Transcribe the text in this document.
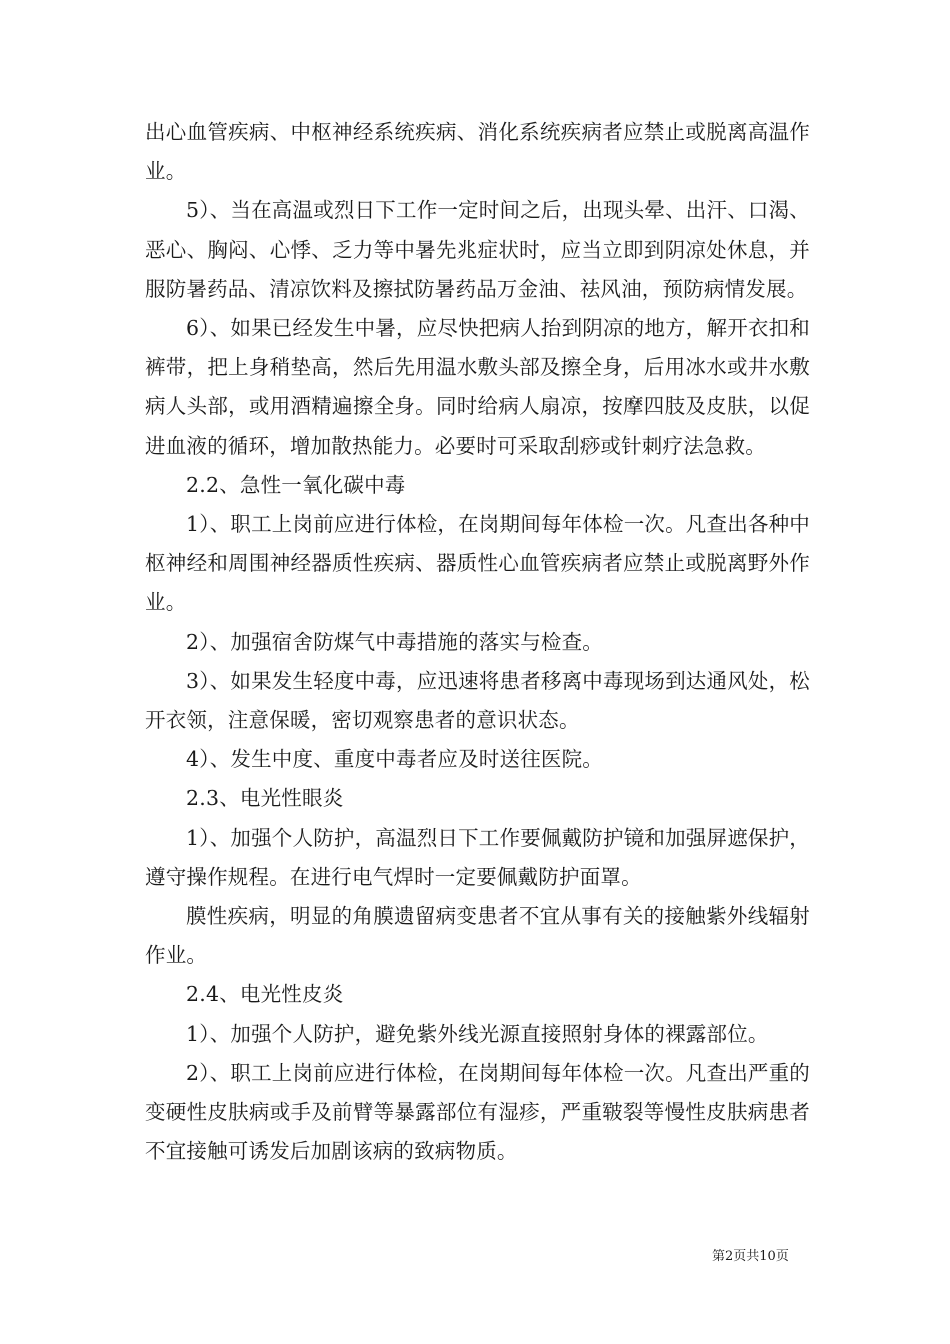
出心血管疾病、中枢神经系统疾病、消化系统疾病者应禁止或脱离高温作业。

5）、当在高温或烈日下工作一定时间之后，出现头晕、出汗、口渴、恶心、胸闷、心悸、乏力等中暑先兆症状时，应当立即到阴凉处休息，并服防暑药品、清凉饮料及擦拭防暑药品万金油、祛风油，预防病情发展。

6）、如果已经发生中暑，应尽快把病人抬到阴凉的地方，解开衣扣和裤带，把上身稍垫高，然后先用温水敷头部及擦全身，后用冰水或井水敷病人头部，或用酒精遍擦全身。同时给病人扇凉，按摩四肢及皮肤，以促进血液的循环，增加散热能力。必要时可采取刮痧或针刺疗法急救。

2.2、急性一氧化碳中毒

1）、职工上岗前应进行体检，在岗期间每年体检一次。凡查出各种中枢神经和周围神经器质性疾病、器质性心血管疾病者应禁止或脱离野外作业。

2）、加强宿舍防煤气中毒措施的落实与检查。

3）、如果发生轻度中毒，应迅速将患者移离中毒现场到达通风处，松开衣领，注意保暖，密切观察患者的意识状态。

4）、发生中度、重度中毒者应及时送往医院。

2.3、电光性眼炎

1）、加强个人防护，高温烈日下工作要佩戴防护镜和加强屏遮保护，遵守操作规程。在进行电气焊时一定要佩戴防护面罩。

膜性疾病，明显的角膜遗留病变患者不宜从事有关的接触紫外线辐射作业。

2.4、电光性皮炎

1）、加强个人防护，避免紫外线光源直接照射身体的裸露部位。

2）、职工上岗前应进行体检，在岗期间每年体检一次。凡查出严重的变硬性皮肤病或手及前臂等暴露部位有湿疹，严重皲裂等慢性皮肤病患者不宜接触可诱发后加剧该病的致病物质。

第2页共10页
